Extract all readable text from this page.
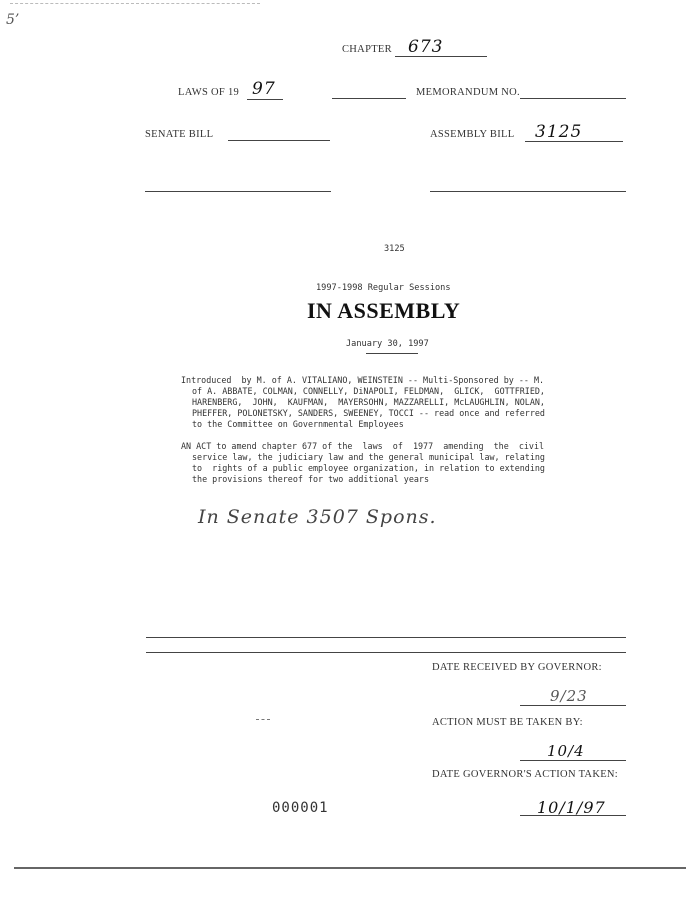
5’
CHAPTER 673
LAWS OF 19 97	MEMORANDUM NO.
SENATE BILL	ASSEMBLY BILL 3125
3125
1997-1998 Regular Sessions
IN ASSEMBLY
January 30, 1997
Introduced  by M. of A. VITALIANO, WEINSTEIN -- Multi-Sponsored by -- M.
of A. ABBATE, COLMAN, CONNELLY, DiNAPOLI, FELDMAN,  GLICK,  GOTTFRIED,
HARENBERG,  JOHN,  KAUFMAN,  MAYERSOHN, MAZZARELLI, McLAUGHLIN, NOLAN,
PHEFFER, POLONETSKY, SANDERS, SWEENEY, TOCCI -- read once and referred
to the Committee on Governmental Employees
AN ACT to amend chapter 677 of the  laws  of  1977  amending  the  civil
service law, the judiciary law and the general municipal law, relating
to  rights of a public employee organization, in relation to extending
the provisions thereof for two additional years
In Senate 3507 Spons.
DATE RECEIVED BY GOVERNOR:
9/23
ACTION MUST BE TAKEN BY:
10/4
DATE GOVERNOR'S ACTION TAKEN:
000001	10/1/97
